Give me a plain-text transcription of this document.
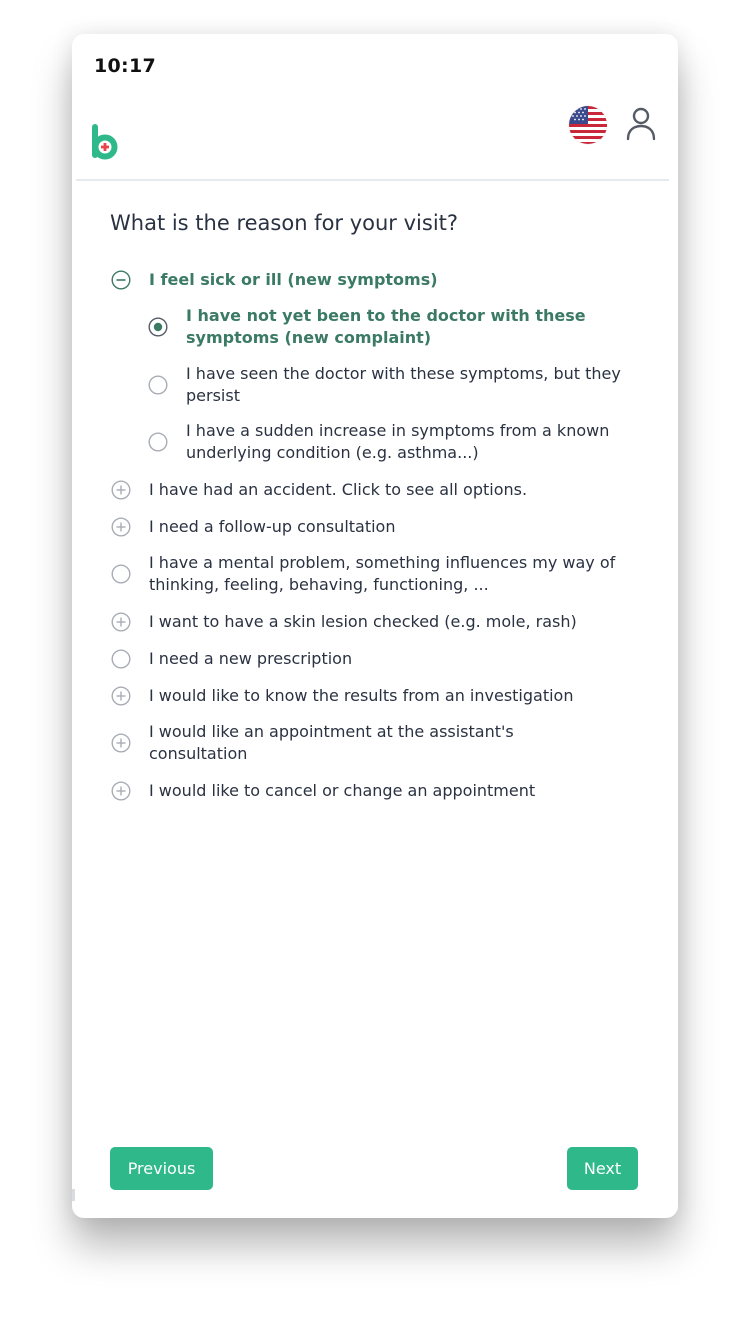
10:17
What is the reason for your visit?
I feel sick or ill (new symptoms)
I have not yet been to the doctor with these symptoms (new complaint)
I have seen the doctor with these symptoms, but they persist
I have a sudden increase in symptoms from a known underlying condition (e.g. asthma...)
I have had an accident. Click to see all options.
I need a follow-up consultation
I have a mental problem, something influences my way of thinking, feeling, behaving, functioning, ...
I want to have a skin lesion checked (e.g. mole, rash)
I need a new prescription
I would like to know the results from an investigation
I would like an appointment at the assistant's consultation
I would like to cancel or change an appointment
Previous	Next
